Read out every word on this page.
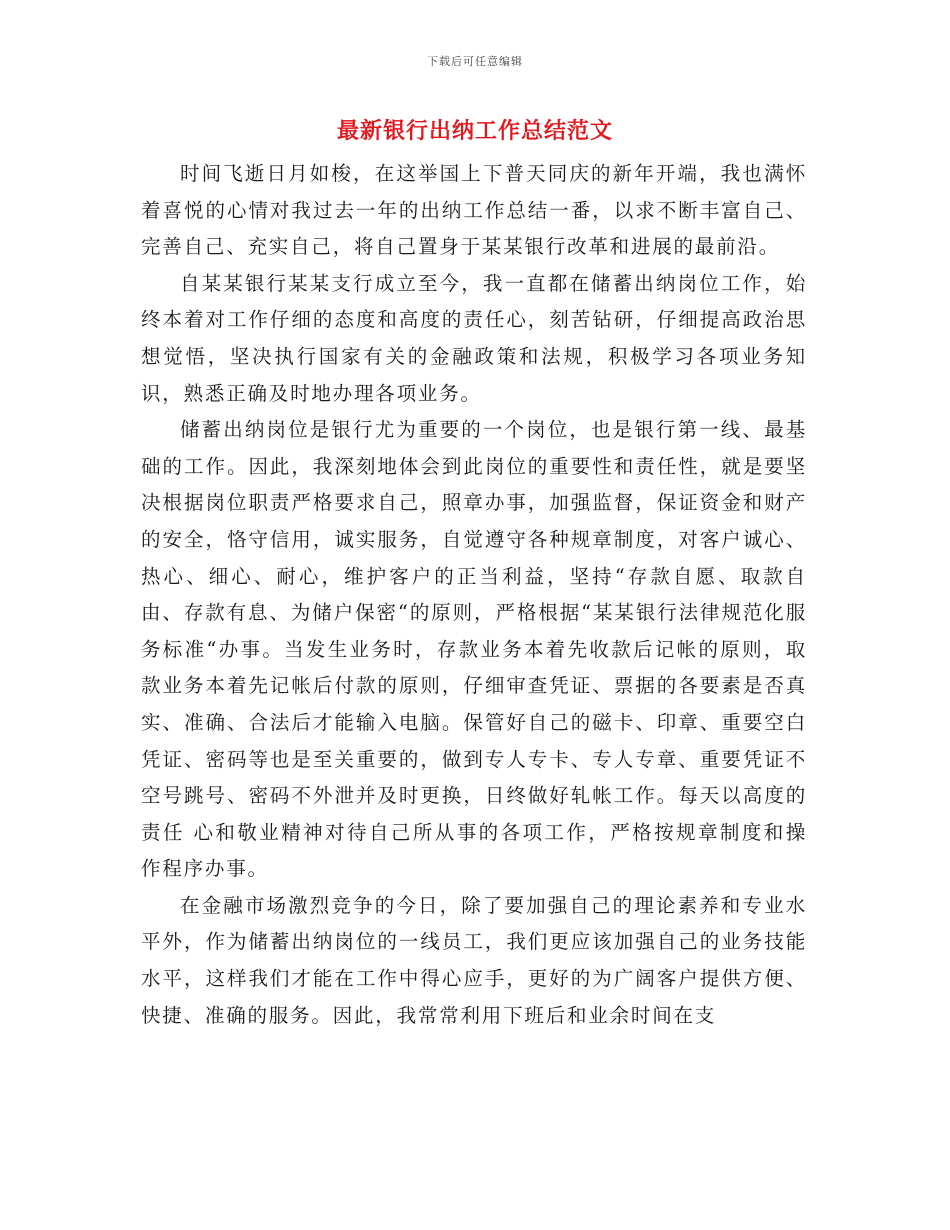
下载后可任意编辑
最新银行出纳工作总结范文

时间飞逝日月如梭，在这举国上下普天同庆的新年开端，我也满怀着喜悦的心情对我过去一年的出纳工作总结一番，以求不断丰富自己、完善自己、充实自己，将自己置身于某某银行改革和进展的最前沿。

自某某银行某某支行成立至今，我一直都在储蓄出纳岗位工作，始终本着对工作仔细的态度和高度的责任心，刻苦钻研，仔细提高政治思想觉悟，坚决执行国家有关的金融政策和法规，积极学习各项业务知识，熟悉正确及时地办理各项业务。

储蓄出纳岗位是银行尤为重要的一个岗位，也是银行第一线、最基础的工作。因此，我深刻地体会到此岗位的重要性和责任性，就是要坚决根据岗位职责严格要求自己，照章办事，加强监督，保证资金和财产的安全，恪守信用，诚实服务，自觉遵守各种规章制度，对客户诚心、热心、细心、耐心，维护客户的正当利益，坚持“存款自愿、取款自由、存款有息、为储户保密“的原则，严格根据“某某银行法律规范化服务标准“办事。当发生业务时，存款业务本着先收款后记帐的原则，取款业务本着先记帐后付款的原则，仔细审查凭证、票据的各要素是否真实、准确、合法后才能输入电脑。保管好自己的磁卡、印章、重要空白凭证、密码等也是至关重要的，做到专人专卡、专人专章、重要凭证不空号跳号、密码不外泄并及时更换，日终做好轧帐工作。每天以高度的责任 心和敬业精神对待自己所从事的各项工作，严格按规章制度和操作程序办事。

在金融市场激烈竞争的今日，除了要加强自己的理论素养和专业水平外，作为储蓄出纳岗位的一线员工，我们更应该加强自己的业务技能水平，这样我们才能在工作中得心应手，更好的为广阔客户提供方便、快捷、准确的服务。因此，我常常利用下班后和业余时间在支
